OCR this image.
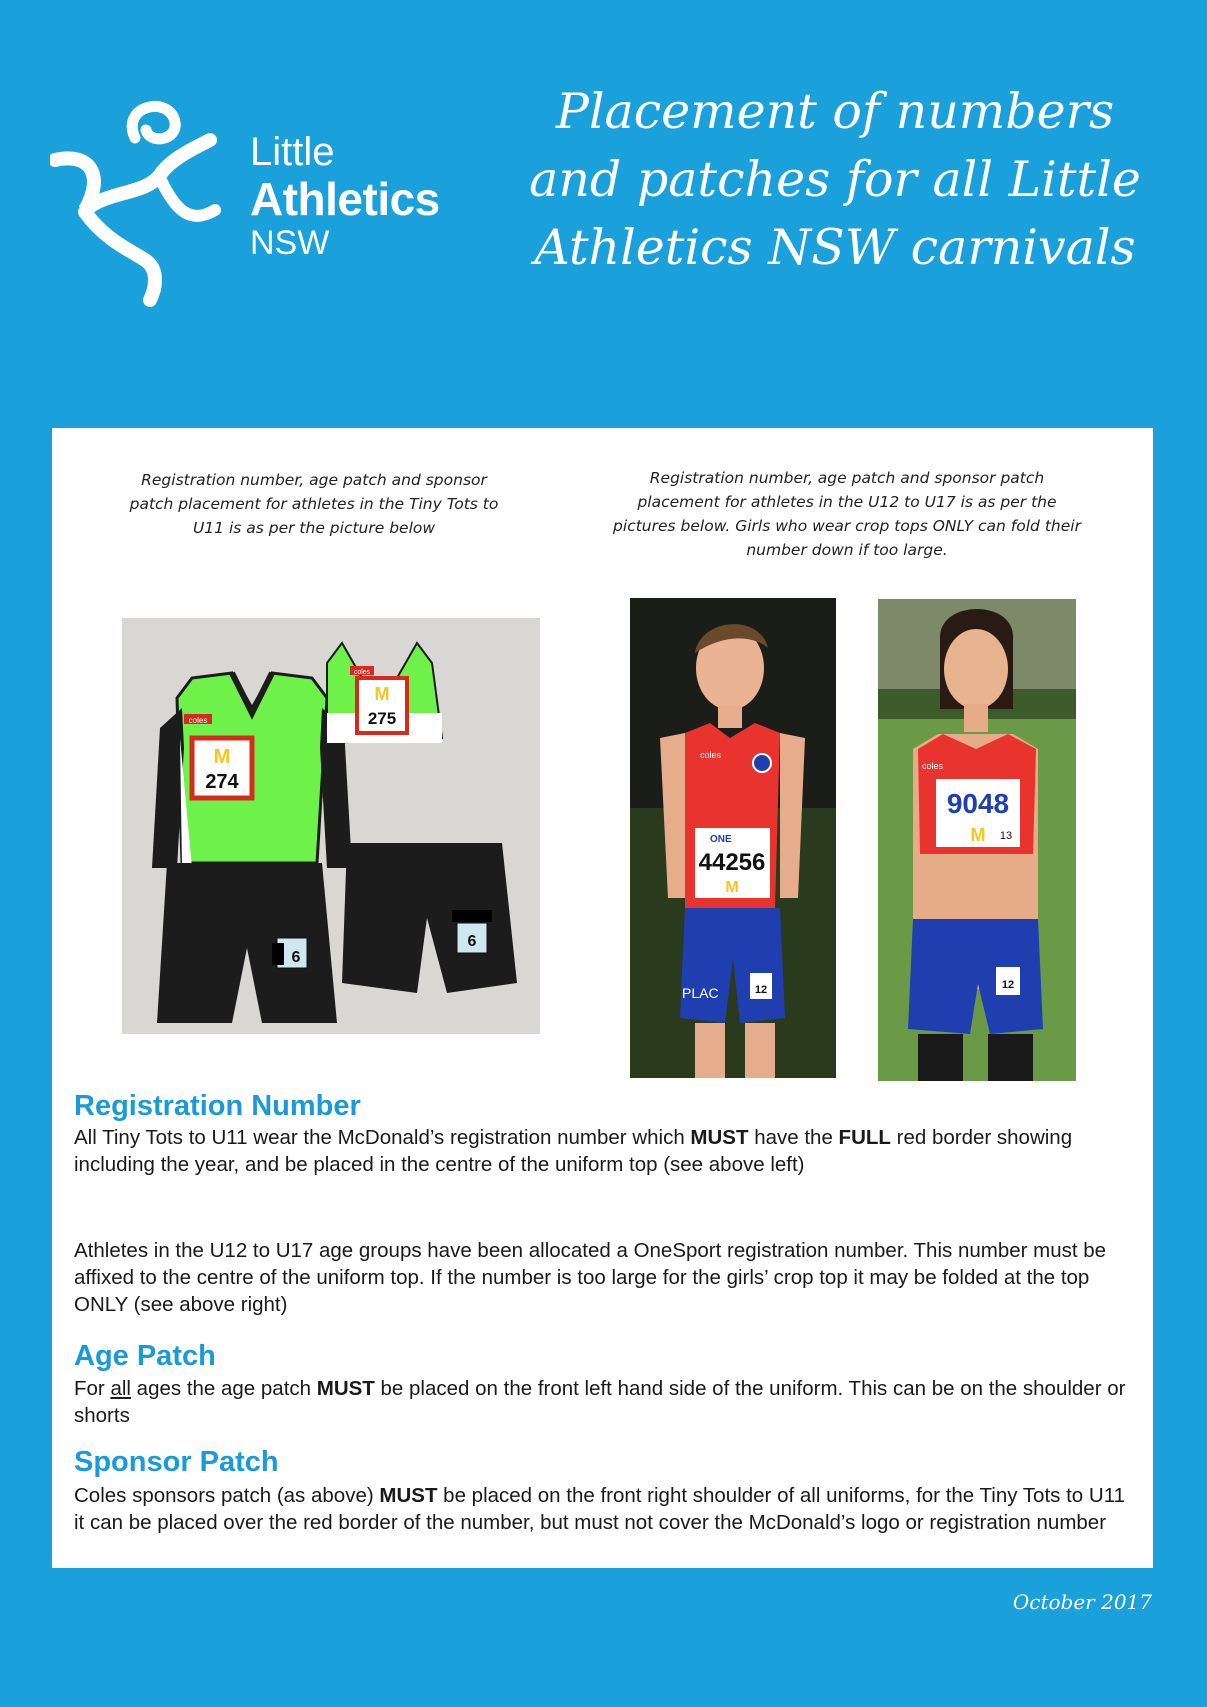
Little
Athletics
NSW
Placement of numbers
and patches for all Little
Athletics NSW carnivals
Registration number, age patch and sponsor patch placement for athletes in the Tiny Tots to U11 is as per the picture below
Registration number, age patch and sponsor patch placement for athletes in the U12 to U17 is as per the pictures below. Girls who wear crop tops ONLY can fold their number down if too large.
M
274
coles
6
M
275
coles
6
ONE
44256
M
coles
PLAC	12
9048
M 13
coles
12
Registration Number
All Tiny Tots to U11 wear the McDonald’s registration number which MUST have the FULL red border showing including the year, and be placed in the centre of the uniform top (see above left)
Athletes in the U12 to U17 age groups have been allocated a OneSport registration number. This number must be affixed to the centre of the uniform top. If the number is too large for the girls’ crop top it may be folded at the top ONLY (see above right)
Age Patch
For all ages the age patch MUST be placed on the front left hand side of the uniform. This can be on the shoulder or shorts
Sponsor Patch
Coles sponsors patch (as above) MUST be placed on the front right shoulder of all uniforms, for the Tiny Tots to U11 it can be placed over the red border of the number, but must not cover the McDonald’s logo or registration number
October 2017
